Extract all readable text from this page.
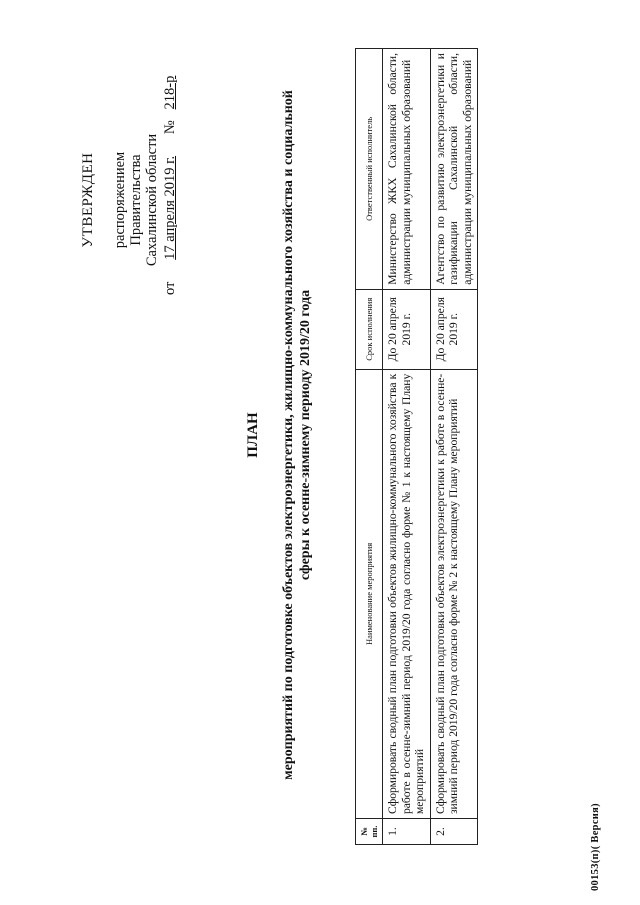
УТВЕРЖДЕН распоряжением Правительства Сахалинской области
от      17 апреля 2019 г.      №   218-р
ПЛАН мероприятий по подготовке объектов электроэнергетики, жилищно-коммунального хозяйства и социальной сферы к осенне-зимнему периоду 2019/20 года
№ пп.	Наименование мероприятия	Срок исполнения	Ответственный исполнитель
1.	Сформировать сводный план подготовки объектов жилищно-коммунального хозяйства к работе в осенне-зимний период 2019/20 года согласно форме № 1 к настоящему Плану мероприятий	До 20 апреля 2019 г.	Министерство ЖКХ Сахалинской области, администрации муниципальных образований
2.	Сформировать сводный план подготовки объектов электроэнергетики к работе в осенне-зимний период 2019/20 года согласно форме № 2 к настоящему Плану мероприятий	До 20 апреля 2019 г.	Агентство по развитию электроэнергетики и газификации Сахалинской области, администрации муниципальных образований
00153(п)( Версия)
